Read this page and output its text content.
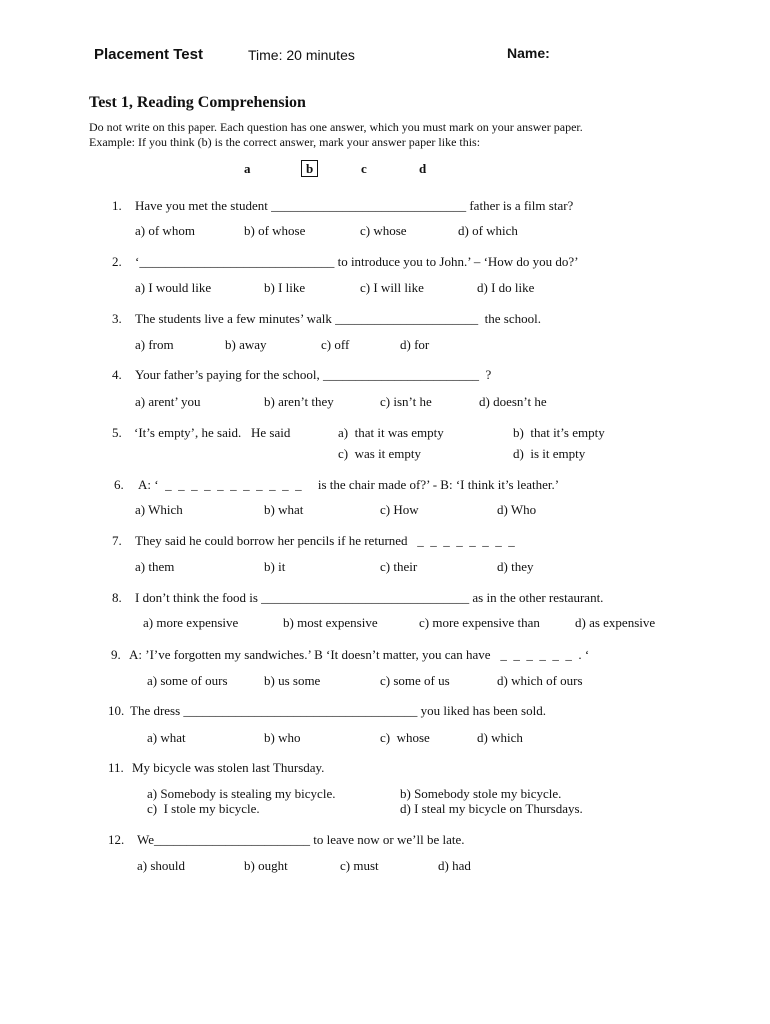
Placement Test	Time: 20 minutes	Name:
Test 1, Reading Comprehension
Do not write on this paper. Each question has one answer, which you must mark on your answer paper.
Example: If you think (b) is the correct answer, mark your answer paper like this:
a	b	c	d
1. Have you met the student ______________________________ father is a film star?
a) of whom	b) of whose	c) whose	d) of which
2. ‘______________________________ to introduce you to John.’ – ‘How do you do?’
a) I would like	b) I like	c) I will like	d) I do like
3. The students live a few minutes’ walk ______________________  the school.
a) from	b) away	c) off	d) for
4. Your father’s paying for the school, ________________________  ?
a) arent’ you	b) aren’t they	c) isn’t he	d) doesn’t he
5. ‘It’s empty’, he said.   He said	a)  that it was empty	b)  that it’s empty
c)  was it empty	d)  is it empty
6. A: ‘  _  _  _  _  _  _  _  _  _  _  _     is the chair made of?’ - B: ‘I think it’s leather.’
a) Which	b) what	c) How	d) Who
7. They said he could borrow her pencils if he returned   _  _  _  _  _  _  _  _
a) them	b) it	c) their	d) they
8. I don’t think the food is ________________________________ as in the other restaurant.
a) more expensive	b) most expensive	c) more expensive than	d) as expensive
9. A: ’I’ve forgotten my sandwiches.’ B ‘It doesn’t matter, you can have   _  _  _  _  _  _  . ‘
a) some of ours	b) us some	c) some of us	d) which of ours
10. The dress ____________________________________ you liked has been sold.
a) what	b) who	c)  whose	d) which
11. My bicycle was stolen last Thursday.
a) Somebody is stealing my bicycle.	b) Somebody stole my bicycle.
c)  I stole my bicycle.	d) I steal my bicycle on Thursdays.
12. We________________________ to leave now or we’ll be late.
a) should	b) ought	c) must	d) had
